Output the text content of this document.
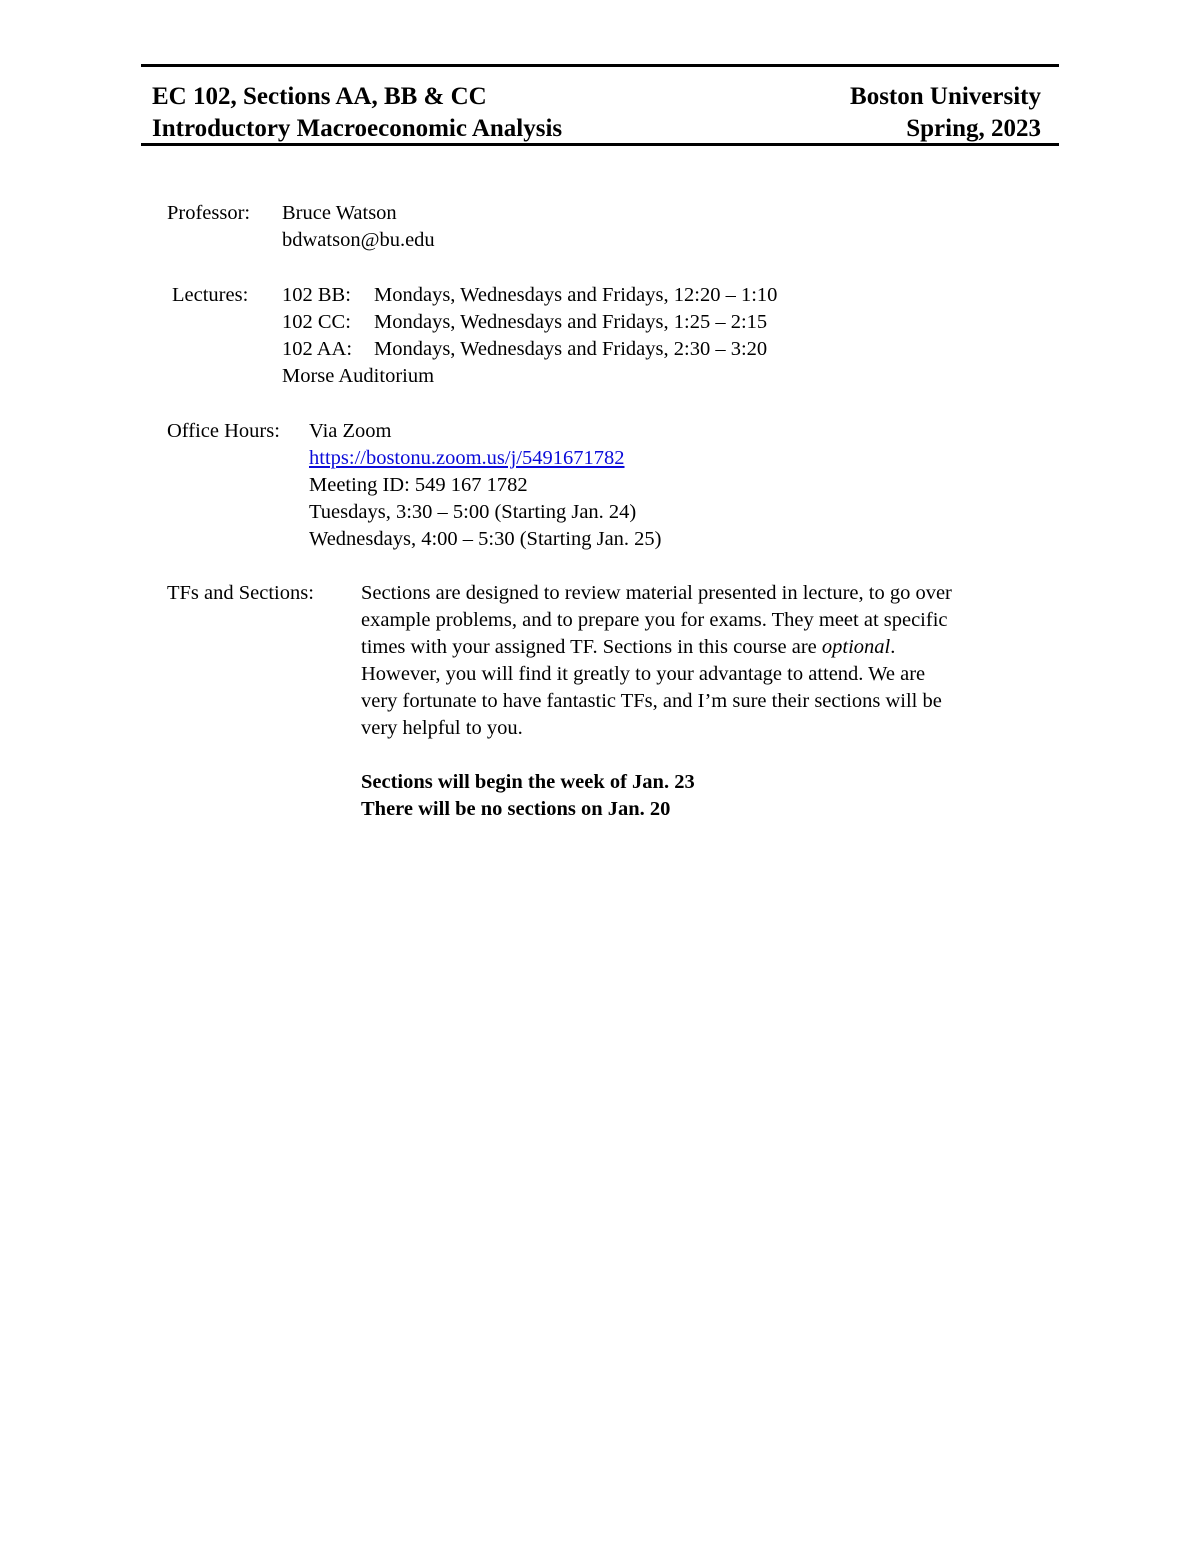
EC 102, Sections AA, BB & CC	Boston University
Introductory Macroeconomic Analysis	Spring, 2023
Professor: Bruce Watson
bdwatson@bu.edu
Lectures: 102 BB: Mondays, Wednesdays and Fridays, 12:20 – 1:10
102 CC: Mondays, Wednesdays and Fridays, 1:25 – 2:15
102 AA: Mondays, Wednesdays and Fridays, 2:30 – 3:20
Morse Auditorium
Office Hours: Via Zoom
https://bostonu.zoom.us/j/5491671782
Meeting ID: 549 167 1782
Tuesdays, 3:30 – 5:00 (Starting Jan. 24)
Wednesdays, 4:00 – 5:30 (Starting Jan. 25)
TFs and Sections: Sections are designed to review material presented in lecture, to go over
example problems, and to prepare you for exams. They meet at specific
times with your assigned TF. Sections in this course are optional.
However, you will find it greatly to your advantage to attend. We are
very fortunate to have fantastic TFs, and I’m sure their sections will be
very helpful to you.
Sections will begin the week of Jan. 23
There will be no sections on Jan. 20
